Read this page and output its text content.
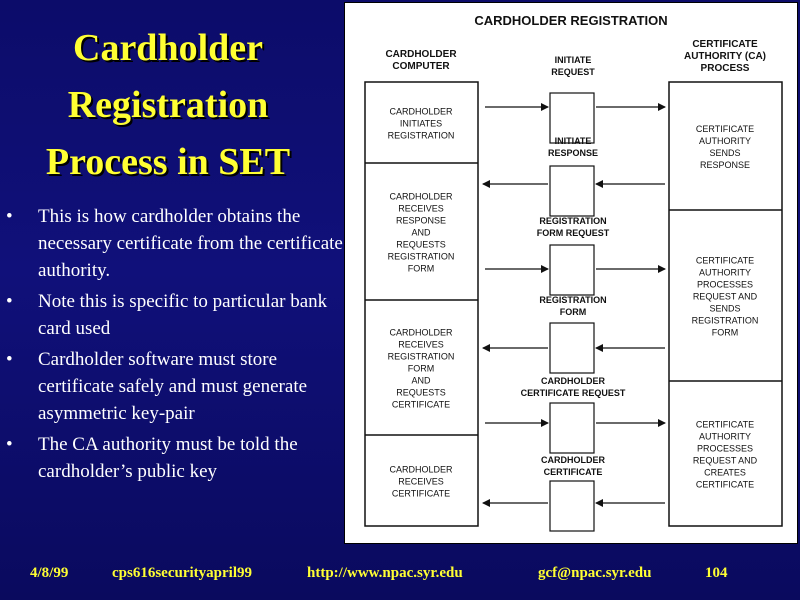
Cardholder
Registration
Process in SET
• This is how cardholder obtains the necessary certificate from the certificate authority.
• Note this is specific to particular bank card used
• Cardholder software must store certificate safely and must generate asymmetric key-pair
• The CA authority must be told the cardholder’s public key
CARDHOLDER REGISTRATION
CARDHOLDER
COMPUTER
CERTIFICATE
AUTHORITY (CA)
PROCESS
CARDHOLDER
INITIATES
REGISTRATION
CARDHOLDER
RECEIVES
RESPONSE
AND
REQUESTS
REGISTRATION
FORM
CARDHOLDER
RECEIVES
REGISTRATION
FORM
AND
REQUESTS
CERTIFICATE
CARDHOLDER
RECEIVES
CERTIFICATE
CERTIFICATE
AUTHORITY
SENDS
RESPONSE
CERTIFICATE
AUTHORITY
PROCESSES
REQUEST AND
SENDS
REGISTRATION
FORM
CERTIFICATE
AUTHORITY
PROCESSES
REQUEST AND
CREATES
CERTIFICATE
INITIATE
REQUEST
INITIATE
RESPONSE
REGISTRATION
FORM REQUEST
REGISTRATION
FORM
CARDHOLDER
CERTIFICATE REQUEST
CARDHOLDER
CERTIFICATE
4/8/99	cps616securityapril99	http://www.npac.syr.edu	gcf@npac.syr.edu	104
